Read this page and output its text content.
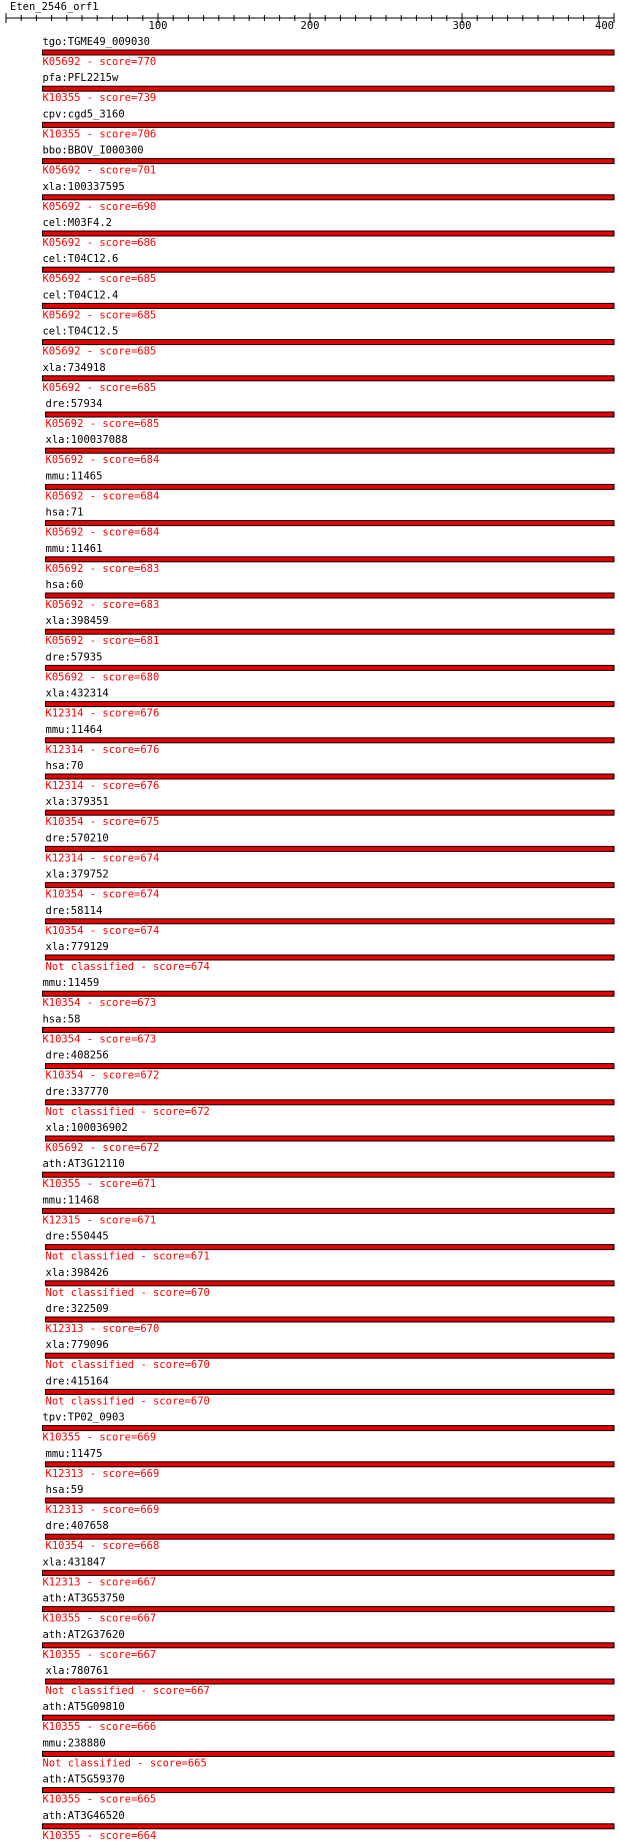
Eten_2546_orf1
100	200	300	400
tgo:TGME49_009030
K05692 - score=770
pfa:PFL2215w
K10355 - score=739
cpv:cgd5_3160
K10355 - score=706
bbo:BBOV_I000300
K05692 - score=701
xla:100337595
K05692 - score=690
cel:M03F4.2
K05692 - score=686
cel:T04C12.6
K05692 - score=685
cel:T04C12.4
K05692 - score=685
cel:T04C12.5
K05692 - score=685
xla:734918
K05692 - score=685
dre:57934
K05692 - score=685
xla:100037088
K05692 - score=684
mmu:11465
K05692 - score=684
hsa:71
K05692 - score=684
mmu:11461
K05692 - score=683
hsa:60
K05692 - score=683
xla:398459
K05692 - score=681
dre:57935
K05692 - score=680
xla:432314
K12314 - score=676
mmu:11464
K12314 - score=676
hsa:70
K12314 - score=676
xla:379351
K10354 - score=675
dre:570210
K12314 - score=674
xla:379752
K10354 - score=674
dre:58114
K10354 - score=674
xla:779129
Not classified - score=674
mmu:11459
K10354 - score=673
hsa:58
K10354 - score=673
dre:408256
K10354 - score=672
dre:337770
Not classified - score=672
xla:100036902
K05692 - score=672
ath:AT3G12110
K10355 - score=671
mmu:11468
K12315 - score=671
dre:550445
Not classified - score=671
xla:398426
Not classified - score=670
dre:322509
K12313 - score=670
xla:779096
Not classified - score=670
dre:415164
Not classified - score=670
tpv:TP02_0903
K10355 - score=669
mmu:11475
K12313 - score=669
hsa:59
K12313 - score=669
dre:407658
K10354 - score=668
xla:431847
K12313 - score=667
ath:AT3G53750
K10355 - score=667
ath:AT2G37620
K10355 - score=667
xla:780761
Not classified - score=667
ath:AT5G09810
K10355 - score=666
mmu:238880
Not classified - score=665
ath:AT5G59370
K10355 - score=665
ath:AT3G46520
K10355 - score=664
